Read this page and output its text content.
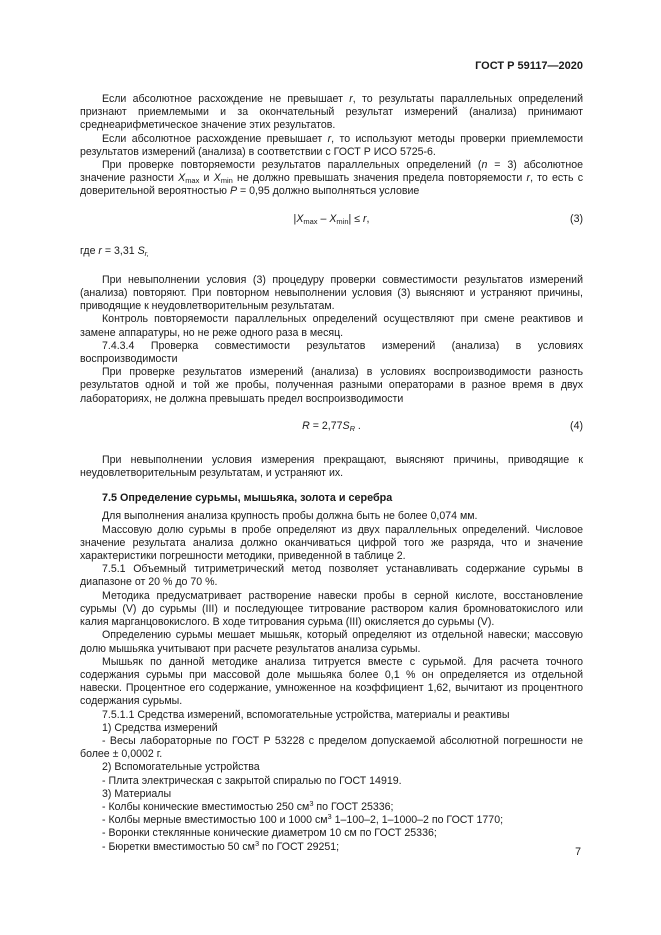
ГОСТ Р 59117—2020

Если абсолютное расхождение не превышает r, то результаты параллельных определений признают приемлемыми и за окончательный результат измерений (анализа) принимают среднеарифметическое значение этих результатов.

Если абсолютное расхождение превышает r, то используют методы проверки приемлемости результатов измерений (анализа) в соответствии с ГОСТ Р ИСО 5725-6.

При проверке повторяемости результатов параллельных определений (n = 3) абсолютное значение разности $X_{max}$ и $X_{min}$ не должно превышать значения предела повторяемости r, то есть с доверительной вероятностью P = 0,95 должно выполняться условие

$|X_{max} - X_{min}| \le r$,	(3)

где r = 3,31 $S_{r,}$

При невыполнении условия (3) процедуру проверки совместимости результатов измерений (анализа) повторяют. При повторном невыполнении условия (3) выясняют и устраняют причины, приводящие к неудовлетворительным результатам.

Контроль повторяемости параллельных определений осуществляют при смене реактивов и замене аппаратуры, но не реже одного раза в месяц.

7.4.3.4 Проверка совместимости результатов измерений (анализа) в условиях воспроизводимости

При проверке результатов измерений (анализа) в условиях воспроизводимости разность результатов одной и той же пробы, полученная разными операторами в разное время в двух лабораториях, не должна превышать предел воспроизводимости

$R = 2,77S_R$ .	(4)

При невыполнении условия измерения прекращают, выясняют причины, приводящие к неудовлетворительным результатам, и устраняют их.

7.5 Определение сурьмы, мышьяка, золота и серебра

Для выполнения анализа крупность пробы должна быть не более 0,074 мм.

Массовую долю сурьмы в пробе определяют из двух параллельных определений. Числовое значение результата анализа должно оканчиваться цифрой того же разряда, что и значение характеристики погрешности методики, приведенной в таблице 2.

7.5.1 Объемный титриметрический метод позволяет устанавливать содержание сурьмы в диапазоне от 20 % до 70 %.

Методика предусматривает растворение навески пробы в серной кислоте, восстановление сурьмы (V) до сурьмы (III) и последующее титрование раствором калия бромноватокислого или калия марганцовокислого. В ходе титрования сурьма (III) окисляется до сурьмы (V).

Определению сурьмы мешает мышьяк, который определяют из отдельной навески; массовую долю мышьяка учитывают при расчете результатов анализа сурьмы.

Мышьяк по данной методике анализа титруется вместе с сурьмой. Для расчета точного содержания сурьмы при массовой доле мышьяка более 0,1 % он определяется из отдельной навески. Процентное его содержание, умноженное на коэффициент 1,62, вычитают из процентного содержания сурьмы.

7.5.1.1 Средства измерений, вспомогательные устройства, материалы и реактивы

1) Средства измерений

- Весы лабораторные по ГОСТ Р 53228 с пределом допускаемой абсолютной погрешности не более ± 0,0002 г.

2) Вспомогательные устройства

- Плита электрическая с закрытой спиралью по ГОСТ 14919.

3) Материалы

- Колбы конические вместимостью 250 $см^3$ по ГОСТ 25336;

- Колбы мерные вместимостью 100 и 1000 $см^3$ 1–100–2, 1–1000–2 по ГОСТ 1770;

- Воронки стеклянные конические диаметром 10 см по ГОСТ 25336;

- Бюретки вместимостью 50 $см^3$ по ГОСТ 29251;	7
